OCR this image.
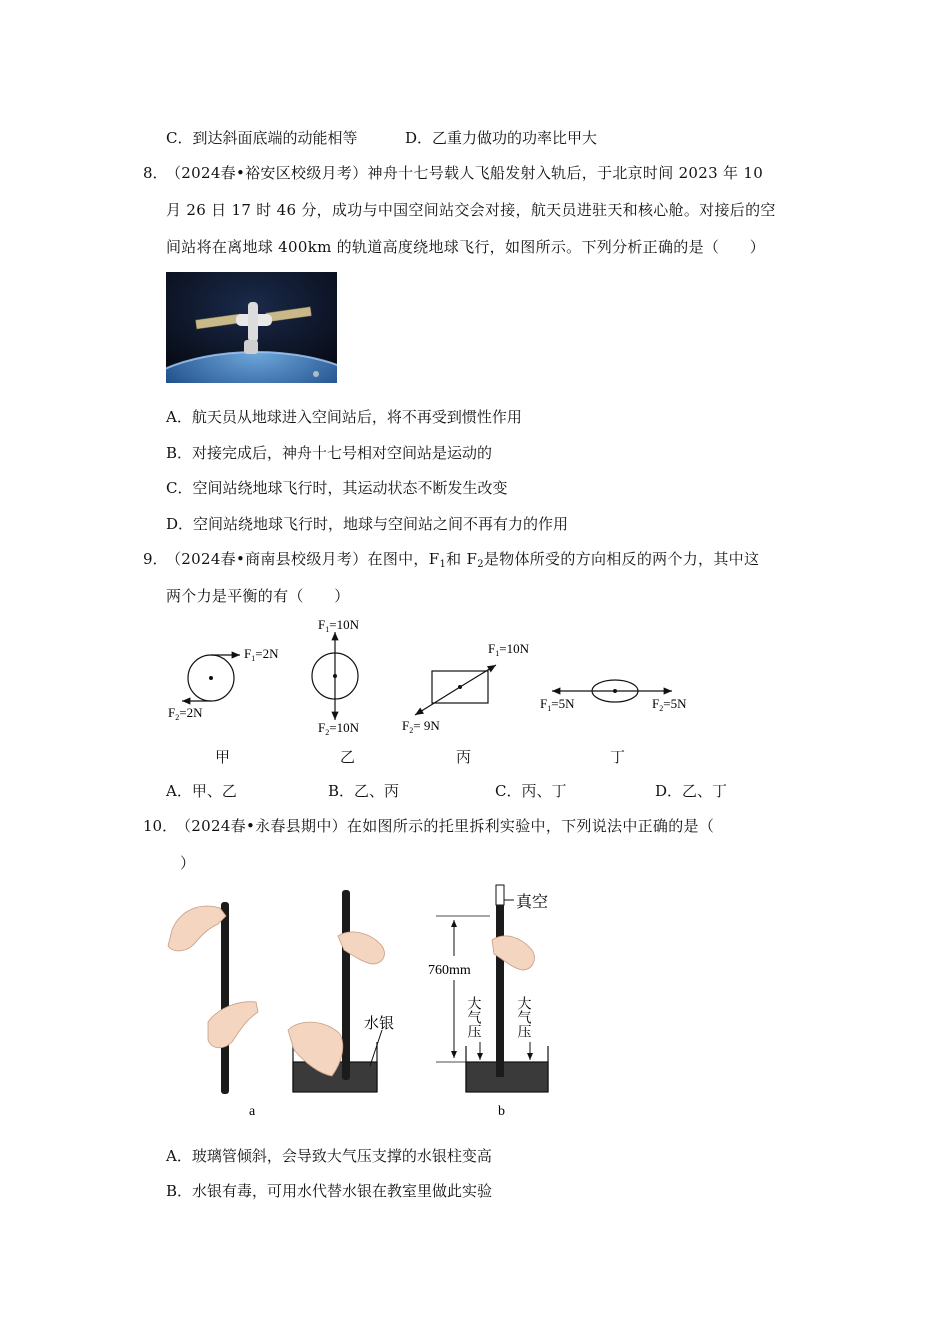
C．到达斜面底端的动能相等	D．乙重力做功的功率比甲大
8．
（2024春•裕安区校级月考）神舟十七号载人飞船发射入轨后，于北京时间 2023 年 10
月 26 日 17 时 46 分，成功与中国空间站交会对接，航天员进驻天和核心舱。对接后的空
间站将在离地球 400km 的轨道高度绕地球飞行，如图所示。下列分析正确的是（　　）
A．航天员从地球进入空间站后，将不再受到惯性作用
B．对接完成后，神舟十七号相对空间站是运动的
C．空间站绕地球飞行时，其运动状态不断发生改变
D．空间站绕地球飞行时，地球与空间站之间不再有力的作用
9．
（2024春•商南县校级月考）在图中，$F_1$和 $F_2$是物体所受的方向相反的两个力，其中这
两个力是平衡的有（　　）
$F_1=2N$
$F_2=2N$
$F_1=10N$
$F_2=10N$
$F_1=10N$
$F_2= 9N$
$F_1=5N$	$F_2=5N$
甲	乙	丙	丁
A．甲、乙	B．乙、丙	C．丙、丁	D．乙、丁
10．
（2024春•永春县期中）在如图所示的托里拆利实验中，下列说法中正确的是（
）
a
水银
真空
760mm
大气压	大气压
b
A．玻璃管倾斜，会导致大气压支撑的水银柱变高
B．水银有毒，可用水代替水银在教室里做此实验
